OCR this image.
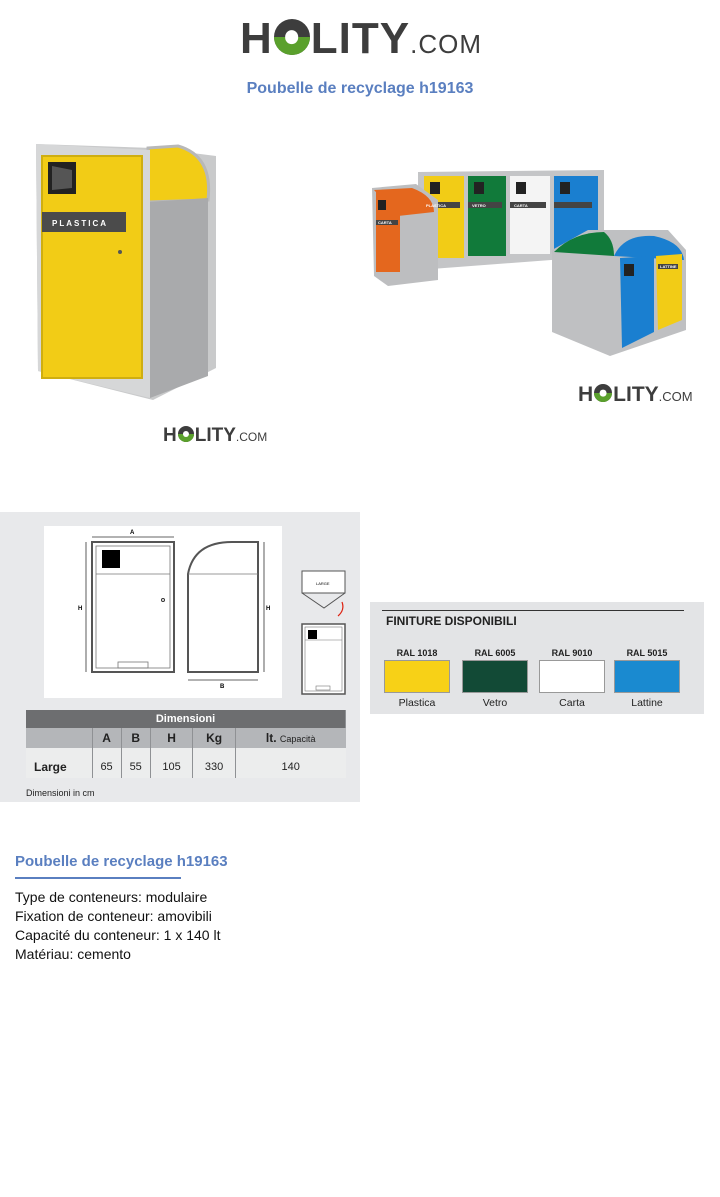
H LITY .COM
Poubelle de recyclage h19163
PLASTICA
H LITY .COM
CARTA PLASTICA	VETRO	CARTA LATTINE
H LITY .COM
A
H	H
B
LARGE
Dimensioni					
	A	B	H	Kg	lt. Capacità

Large	65	55	105	330	140
Dimensioni in cm
FINITURE DISPONIBILI
RAL 1018
Plastica
RAL 6005
Vetro
RAL 9010
Carta
RAL 5015
Lattine
Poubelle de recyclage h19163
Type de conteneurs: modulaire
Fixation de conteneur: amovibili
Capacité du conteneur: 1 x 140 lt
Matériau: cemento
